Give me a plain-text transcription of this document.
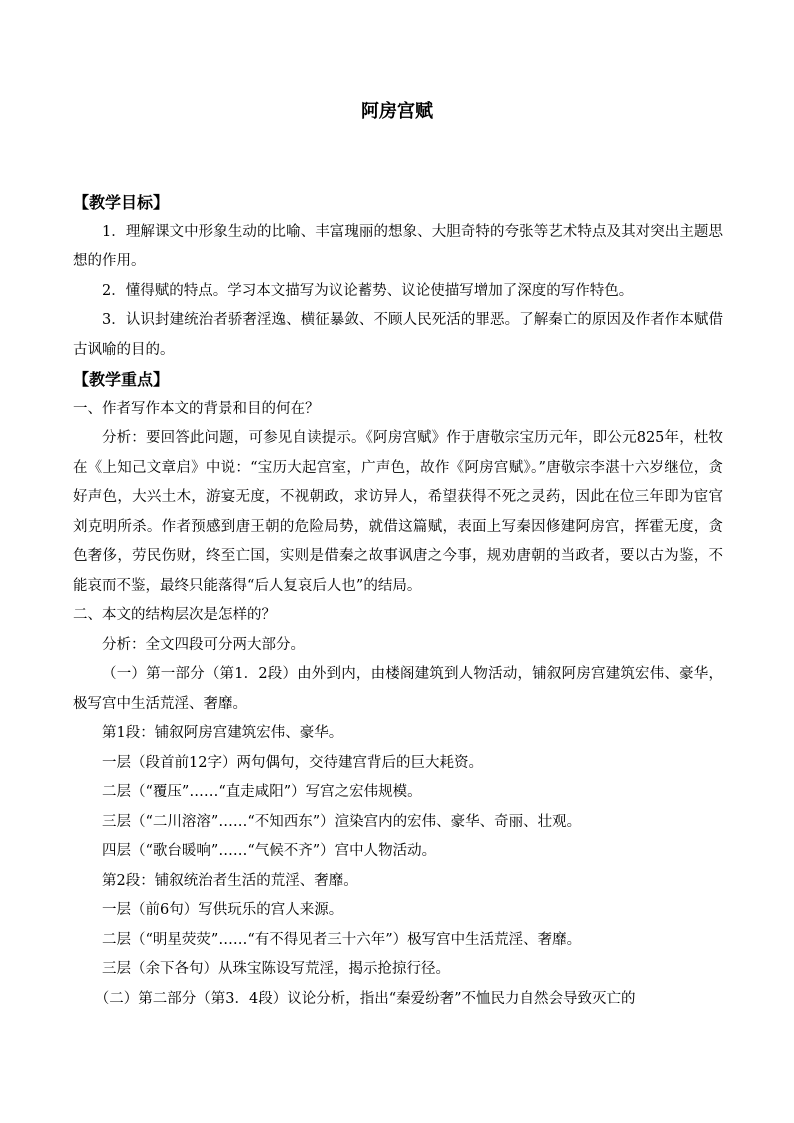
阿房宫赋

【教学目标】

1．理解课文中形象生动的比喻、丰富瑰丽的想象、大胆奇特的夸张等艺术特点及其对突出主题思想的作用。

2．懂得赋的特点。学习本文描写为议论蓄势、议论使描写增加了深度的写作特色。

3．认识封建统治者骄奢淫逸、横征暴敛、不顾人民死活的罪恶。了解秦亡的原因及作者作本赋借古讽喻的目的。

【教学重点】

一、作者写作本文的背景和目的何在？

分析：要回答此问题，可参见自读提示。《阿房宫赋》作于唐敬宗宝历元年，即公元825年，杜牧在《上知己文章启》中说：“宝历大起宫室，广声色，故作《阿房宫赋》。”唐敬宗李湛十六岁继位，贪好声色，大兴土木，游宴无度，不视朝政，求访异人，希望获得不死之灵药，因此在位三年即为宦官刘克明所杀。作者预感到唐王朝的危险局势，就借这篇赋，表面上写秦因修建阿房宫，挥霍无度，贪色奢侈，劳民伤财，终至亡国，实则是借秦之故事讽唐之今事，规劝唐朝的当政者，要以古为鉴，不能哀而不鉴，最终只能落得“后人复哀后人也”的结局。

二、本文的结构层次是怎样的？

分析：全文四段可分两大部分。

（一）第一部分（第1．2段）由外到内，由楼阁建筑到人物活动，铺叙阿房宫建筑宏伟、豪华，极写宫中生活荒淫、奢靡。

第1段：铺叙阿房宫建筑宏伟、豪华。

一层（段首前12字）两句偶句，交待建宫背后的巨大耗资。

二层（“覆压”……“直走咸阳”）写宫之宏伟规模。

三层（“二川溶溶”……“不知西东”）渲染宫内的宏伟、豪华、奇丽、壮观。

四层（“歌台暖响”……“气候不齐”）宫中人物活动。

第2段：铺叙统治者生活的荒淫、奢靡。

一层（前6句）写供玩乐的宫人来源。

二层（“明星荧荧”……“有不得见者三十六年”）极写宫中生活荒淫、奢靡。

三层（余下各句）从珠宝陈设写荒淫，揭示抢掠行径。

（二）第二部分（第3．4段）议论分析，指出“秦爱纷奢”不恤民力自然会导致灭亡的
